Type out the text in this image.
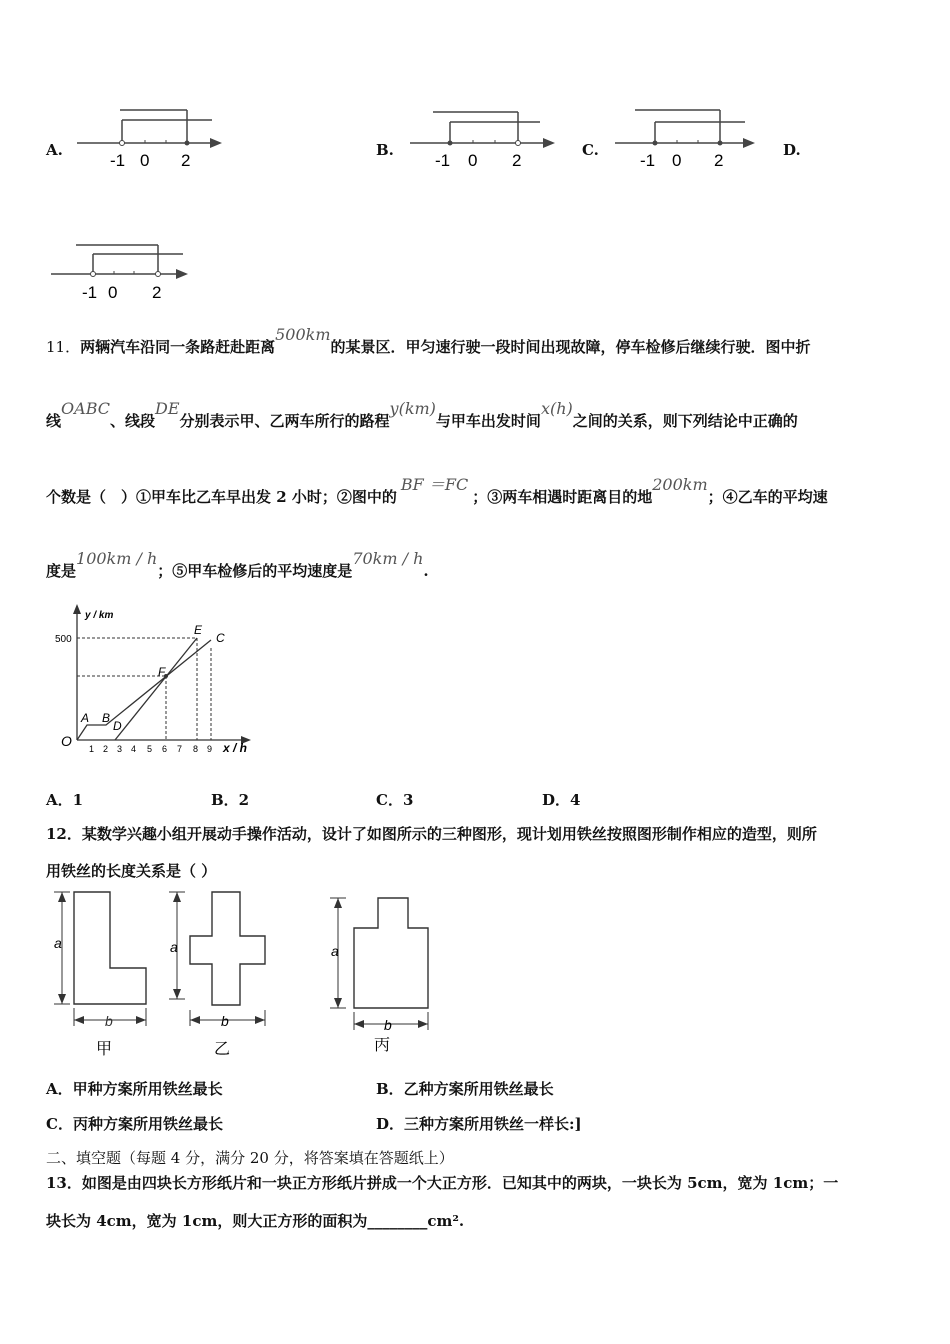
A.	B.	C.	D.
-1 0 2	-1 0 2	-1 0 2
-1 0 2
11．两辆汽车沿同一条路赶赴距离500km的某景区．甲匀速行驶一段时间出现故障，停车检修后继续行驶．图中折
线OABC、线段DE分别表示甲、乙两车所行的路程y(km)与甲车出发时间x(h)之间的关系，则下列结论中正确的
个数是（　）①甲车比乙车早出发 2 小时；②图中的BF ＝FC；③两车相遇时距离目的地200km；④乙车的平均速
度是100km / h；⑤甲车检修后的平均速度是70km / h.
y / km
x / h
500
O 1 2 3 4 5 6 7 8 9
A B
D
F
E
C
A．1	B．2	C．3	D．4
12．某数学兴趣小组开展动手操作活动，设计了如图所示的三种图形，现计划用铁丝按照图形制作相应的造型，则所
用铁丝的长度关系是（ ）
a
b
甲
a
b
乙
a
b
丙
A．甲种方案所用铁丝最长	B．乙种方案所用铁丝最长
C．丙种方案所用铁丝最长	D．三种方案所用铁丝一样长:]
二、填空题（每题 4 分，满分 20 分，将答案填在答题纸上）
13．如图是由四块长方形纸片和一块正方形纸片拼成一个大正方形．已知其中的两块，一块长为 5cm，宽为 1cm；一
块长为 4cm，宽为 1cm，则大正方形的面积为________cm².
